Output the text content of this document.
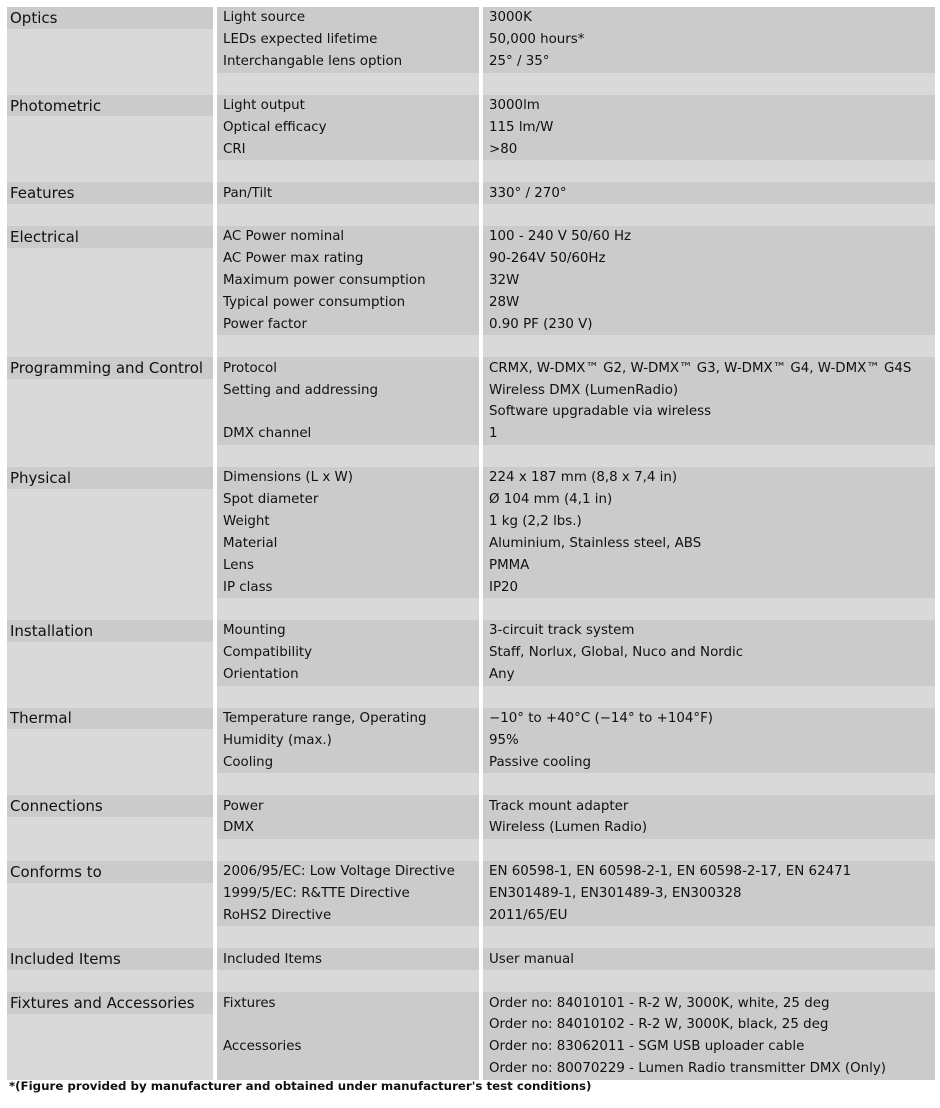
Optics	Light source	3000K
LEDs expected lifetime	50,000 hours*
Interchangable lens option	25° / 35°
Photometric	Light output	3000lm
Optical efficacy	115 lm/W
CRI	>80
Features	Pan/Tilt	330° / 270°
Electrical	AC Power nominal	100 - 240 V 50/60 Hz
AC Power max rating	90-264V 50/60Hz
Maximum power consumption	32W
Typical power consumption	28W
Power factor	0.90 PF (230 V)
Programming and Control	Protocol	CRMX, W-DMX™ G2, W-DMX™ G3, W-DMX™ G4, W-DMX™ G4S
Setting and addressing	Wireless DMX (LumenRadio)
Software upgradable via wireless
DMX channel	1
Physical	Dimensions (L x W)	224 x 187 mm (8,8 x 7,4 in)
Spot diameter	Ø 104 mm (4,1 in)
Weight	1 kg (2,2 lbs.)
Material	Aluminium, Stainless steel, ABS
Lens	PMMA
IP class	IP20
Installation	Mounting	3-circuit track system
Compatibility	Staff, Norlux, Global, Nuco and Nordic
Orientation	Any
Thermal	Temperature range, Operating	−10° to +40°C (−14° to +104°F)
Humidity (max.)	95%
Cooling	Passive cooling
Connections	Power	Track mount adapter
DMX	Wireless (Lumen Radio)
Conforms to	2006/95/EC: Low Voltage Directive	EN 60598-1, EN 60598-2-1, EN 60598-2-17, EN 62471
1999/5/EC: R&TTE Directive	EN301489-1, EN301489-3, EN300328
RoHS2 Directive	2011/65/EU
Included Items	Included Items	User manual
Fixtures and Accessories	Fixtures	Order no: 84010101 - R-2 W, 3000K, white, 25 deg
Order no: 84010102 - R-2 W, 3000K, black, 25 deg
Accessories	Order no: 83062011 - SGM USB uploader cable
Order no: 80070229 - Lumen Radio transmitter DMX (Only)
*(Figure provided by manufacturer and obtained under manufacturer's test conditions)
